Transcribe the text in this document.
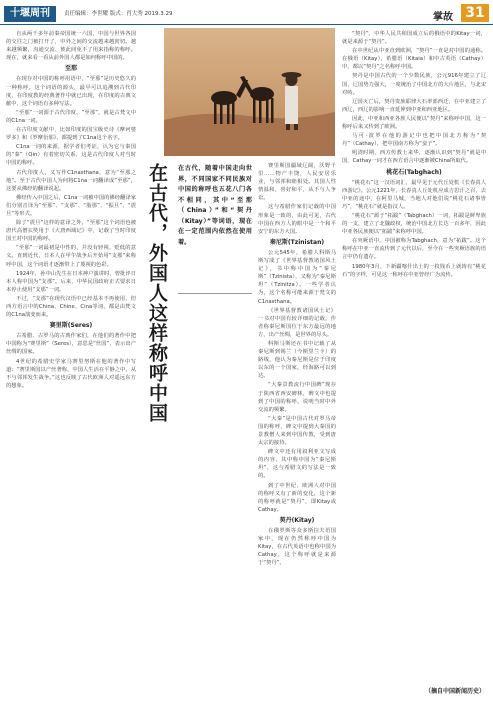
十堰周刊	责任编辑：李世耀 版式：肖大秀 2019.3.29	掌故 31

自从两千多年前秦帝国统一六国，中国与世界各国的交往之门被打开了，中外之间的交流越来越密切。越来越频繁，沟通交流、彼此间免不了用来指称的称呼。现在，就来看一看从前外国人都是如何称呼中国的。

至那

在现存对中国的称呼用语中，“至那”是历史悠久的一种称呼。这个词语的源头，最早可以追溯到古代印度，在印度教的经典著作中就已出现，在印度的古典文献中，这个词语有多种写法。

“至那”一词源于古代印度，“至那”，就是古梵文中的C1na一词。

在古印度文献中，比如印度的国宝级史诗《摩诃婆罗多》和《罗摩衍那》，都提到了C1na这个名字。

C1na一词的来源，据学者们考证，认为它与秦国的“秦”（Qin）有着密切关系，这是古代印度人对当时中国的称呼。

古代印度人，又写作C1nasthana，意为“至那之地”。至于古代中国人为何将C1na一词翻译成“至那”，这要从佛经的翻译说起。

佛经传入中国之后，C1na一词被中国的佛经翻译家们分别音译为“至那”、“支那”、“脂那”、“振旦”、“震旦”等形式。

除了“震旦”这样的意译之外，“至那”这个词语也被唐代高僧玄奘用于《大唐西域记》中，记载了当时印度国王对中国的称呼。

“至那”一词最初是中性的，并没有轻视、贬低的意义。直到近代，日本人在甲午战争后开始用“支那”来称呼中国，这个词语才逐渐带上了蔑视的色彩。

1924年，孙中山先生在日本神户演讲时，曾批评日本人称中国为“支那”。后来，中华民国政府正式要求日本停止使用“支那”一词。

不过，“支那”在现代汉语中已经基本不再使用，但西方语言中的China、Chine、Cina等词，都是由梵文的C1na演变而来。

赛里斯(Seres)

古希腊、古罗马的古典作家们，在他们的著作中把中国称为“赛里斯”（Seres），意思是“丝国”，表示出产丝绸的国家。

4世纪的希腊史学家马赛里努斯在他的著作中写道：“赛里斯国以产丝著称，中国人生活在平静之中，从不与邻邦发生战争。”这也反映了古代欧洲人对遥远东方的想象。	在古代，外国人这样称呼中国	在古代，随着中国走向世界，不同国家不同民族对中国的称呼也五花八门各不相同，其中“至那（China）”和“契丹（Kitay）”等词语，现在在一定范围内依然在使用着。

赛里斯国疆域辽阔，沃野千里……物产丰饶，人民安居乐业，与邻邦和睦相处。其国人性情温和，喜好和平，从不与人争讼。

这与希腊作家们记载的中国形象是一致的，由此可见，古代中国在西方人的眼中是一个和平安宁的东方大国。

秦尼斯(Tzinistan)

公元545年，希腊人科斯马斯写成了《世界基督教诸国风土记》，书中称中国为“秦尼斯”（Tzinista），又称为“秦尼斯坦”（Tzinitza）。一些学者认为，这个名称可能来源于梵文的C1nasthana。

《世界基督教诸国风土记》一书对中国有较详细的记载，作者称秦尼斯国位于东方最远的地方，出产丝绸，是世界的尽头。

科斯马斯还在书中记载了从秦尼斯到锡兰（今斯里兰卡）的路线，他认为秦尼斯是位于印度以东的一个国家，经海路可以到达。

“大秦景教流行中国碑”现存于陕西省西安碑林，碑文中也提到了中国的称呼，说明当时中外交流的频繁。

“大秦”是中国古代对罗马帝国的称呼，碑文中提到大秦国的景教僧人来到中国传教，受到唐太宗的接待。

碑文中还有用叙利亚文写成的内容，其中称中国为“秦尼斯坦”，这与希腊文的写法是一致的。

到了中世纪，欧洲人对中国的称呼又有了新的变化，这个新的称呼就是“契丹”，即Kitay或Cathay。

契丹(Kitay)

在俄罗斯等众多斯拉夫语国家中，现在仍然称呼中国为Kitay，在古代英语中也称中国为Cathay，这个称呼就是来源于“契丹”。

“契丹”，中华人民共和国成立后的俄语中的Kitay一词，就是来源于“契丹”。

在中世纪从中亚直到欧洲，“契丹”一直是对中国的通称。在俄语（Kitay）、希腊语（Kitaia）和中古英语（Cathay）中，都以“契丹”之名称呼中国。

契丹是中国古代的一个少数民族，公元916年建立了辽国，辽国势力强大，一度统治了中国北方的大片地区，与北宋对峙。

辽国灭亡后，契丹贵族耶律大石率部西迁，在中亚建立了西辽，西辽的影响一直延伸到中亚和西亚地区。

因此，中亚和西亚各族人民便以“契丹”来称呼中国，这一称呼后来又传到了欧洲。

马可·波罗在他的游记中也把中国北方称为“契丹”（Cathay），把中国南方称为“蛮子”。

明清时期，西方传教士来华，逐渐认识到“契丹”就是中国，Cathay一词才在西方语言中逐渐被China所取代。

桃花石(Tabghach)

“桃花石”这一汉语词汇，最早见于元代丘处机《长春真人西游记》。公元1221年，长春真人丘处机应成吉思汗之召，去中亚的途中，在阿里马城，当地人对他们说“桃花石诸事皆巧”，“桃花石”就是指汉人。

“桃花石”源于“拓跋”（Tabghach）一词，拓跋是鲜卑族的一支，建立了北魏政权，统治中国北方长达一百多年，因此中亚各民族便以“拓跋”来称呼中国。

在突厥语中，中国被称为Tabghach，意为“拓跋”。这个称呼在中亚一直流传到了元代以后，至今在一些突厥语族的语言中仍有遗存。

1980年3月，下新疆喀什出土的一枚钱币上就铸有“桃花石”的字样，可见这一称呼在中亚曾经广为流传。

（摘自中国新闻历史）
